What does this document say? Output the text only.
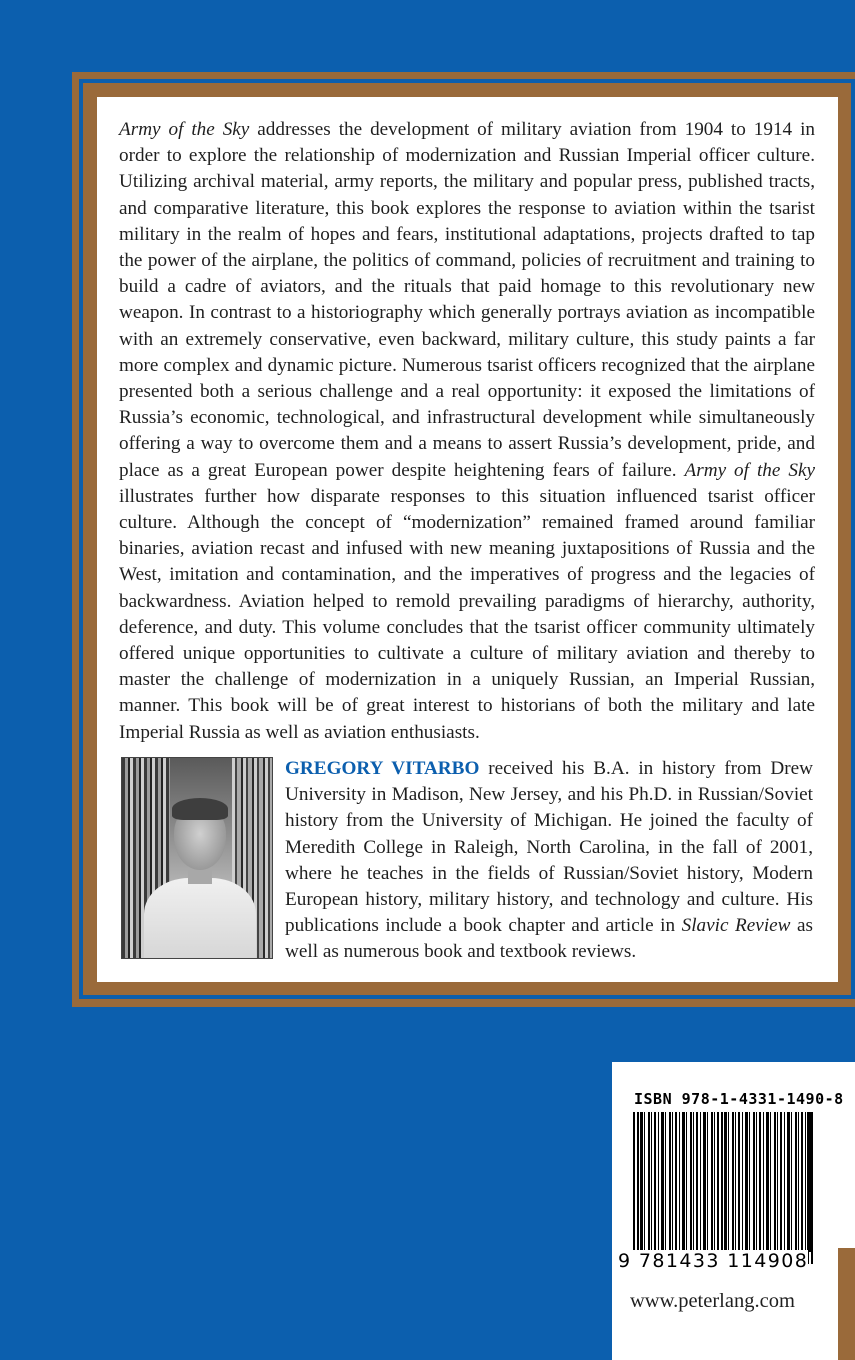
Army of the Sky addresses the development of military aviation from 1904 to 1914 in order to explore the relationship of modernization and Russian Imperial officer culture. Utilizing archival material, army reports, the military and popular press, published tracts, and comparative literature, this book explores the response to aviation within the tsarist military in the realm of hopes and fears, institutional adaptations, projects drafted to tap the power of the airplane, the politics of command, policies of recruitment and training to build a cadre of aviators, and the rituals that paid homage to this revolutionary new weapon. In contrast to a historiography which generally portrays aviation as incompatible with an extremely conservative, even backward, military culture, this study paints a far more complex and dynamic picture. Numerous tsarist officers recognized that the airplane presented both a serious challenge and a real opportunity: it exposed the limitations of Russia’s economic, technological, and infrastructural development while simultaneously offering a way to overcome them and a means to assert Russia’s development, pride, and place as a great European power despite heightening fears of failure. Army of the Sky illustrates further how disparate responses to this situation influenced tsarist officer culture. Although the concept of “modernization” remained framed around familiar binaries, aviation recast and infused with new meaning juxtapositions of Russia and the West, imitation and contamination, and the imperatives of progress and the legacies of backwardness. Aviation helped to remold prevailing paradigms of hierarchy, authority, deference, and duty. This volume concludes that the tsarist officer community ultimately offered unique opportunities to cultivate a culture of military aviation and thereby to master the challenge of modernization in a uniquely Russian, an Imperial Russian, manner. This book will be of great interest to historians of both the military and late Imperial Russia as well as aviation enthusiasts.

GREGORY VITARBO received his B.A. in history from Drew University in Madison, New Jersey, and his Ph.D. in Russian/Soviet history from the University of Michigan. He joined the faculty of Meredith College in Raleigh, North Carolina, in the fall of 2001, where he teaches in the fields of Russian/Soviet history, Modern European history, military history, and technology and culture. His publications include a book chapter and article in Slavic Review as well as numerous book and textbook reviews.

ISBN 978-1-4331-1490-8
9 781433 114908
www.peterlang.com
